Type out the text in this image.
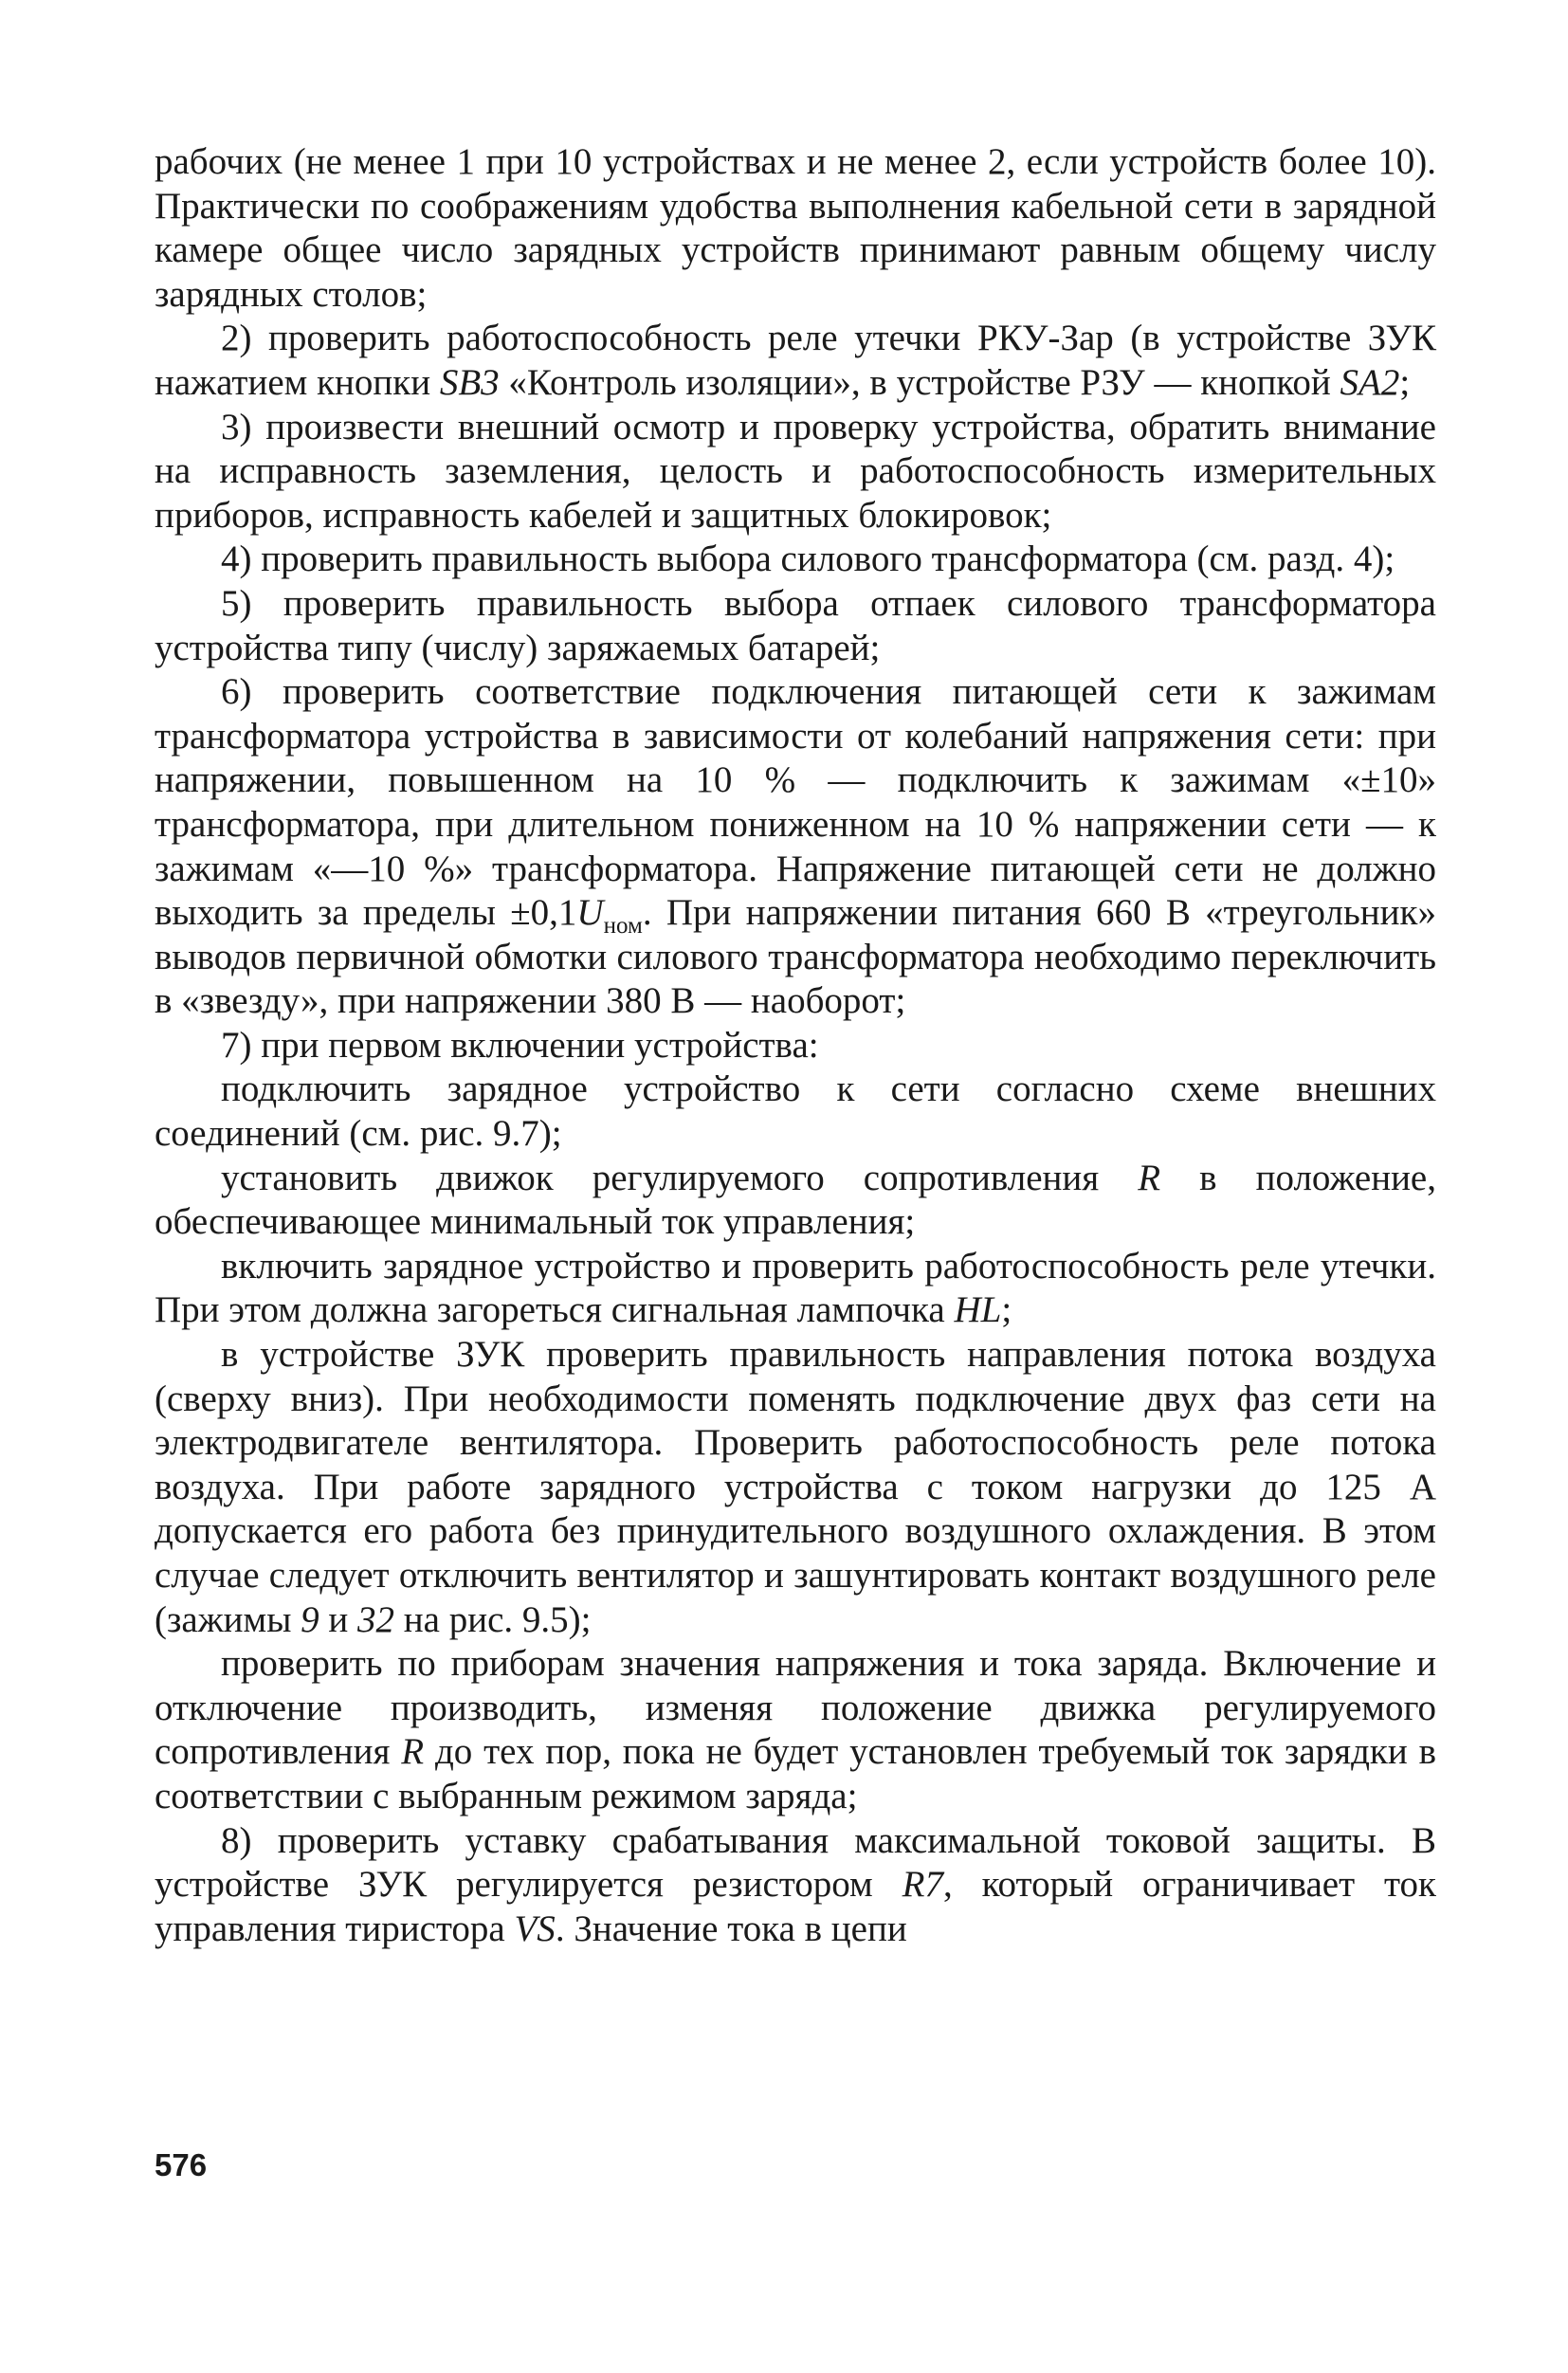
рабочих (не менее 1 при 10 устройствах и не менее 2, если устройств более 10). Практически по соображениям удобства выполнения кабельной сети в зарядной камере общее число зарядных устройств принимают равным общему числу зарядных столов;

2) проверить работоспособность реле утечки РКУ-Зар (в устройстве ЗУК нажатием кнопки SB3 «Контроль изоляции», в устройстве РЗУ — кнопкой SA2;

3) произвести внешний осмотр и проверку устройства, обратить внимание на исправность заземления, целость и работоспособность измерительных приборов, исправность кабелей и защитных блокировок;

4) проверить правильность выбора силового трансформатора (см. разд. 4);

5) проверить правильность выбора отпаек силового трансформатора устройства типу (числу) заряжаемых батарей;

6) проверить соответствие подключения питающей сети к зажимам трансформатора устройства в зависимости от колебаний напряжения сети: при напряжении, повышенном на 10 % — подключить к зажимам «±10» трансформатора, при длительном пониженном на 10 % напряжении сети — к зажимам «—10 %» трансформатора. Напряжение питающей сети не должно выходить за пределы $\pm 0,1U_{ном}$. При напряжении питания 660 В «треугольник» выводов первичной обмотки силового трансформатора необходимо переключить в «звезду», при напряжении 380 В — наоборот;

7) при первом включении устройства:

подключить зарядное устройство к сети согласно схеме внешних соединений (см. рис. 9.7);

установить движок регулируемого сопротивления R в положение, обеспечивающее минимальный ток управления;

включить зарядное устройство и проверить работоспособность реле утечки. При этом должна загореться сигнальная лампочка HL;

в устройстве ЗУК проверить правильность направления потока воздуха (сверху вниз). При необходимости поменять подключение двух фаз сети на электродвигателе вентилятора. Проверить работоспособность реле потока воздуха. При работе зарядного устройства с током нагрузки до 125 А допускается его работа без принудительного воздушного охлаждения. В этом случае следует отключить вентилятор и зашунтировать контакт воздушного реле (зажимы 9 и 32 на рис. 9.5);

проверить по приборам значения напряжения и тока заряда. Включение и отключение производить, изменяя положение движка регулируемого сопротивления R до тех пор, пока не будет установлен требуемый ток зарядки в соответствии с выбранным режимом заряда;

8) проверить уставку срабатывания максимальной токовой защиты. В устройстве ЗУК регулируется резистором R7, который ограничивает ток управления тиристора VS. Значение тока в цепи

576
